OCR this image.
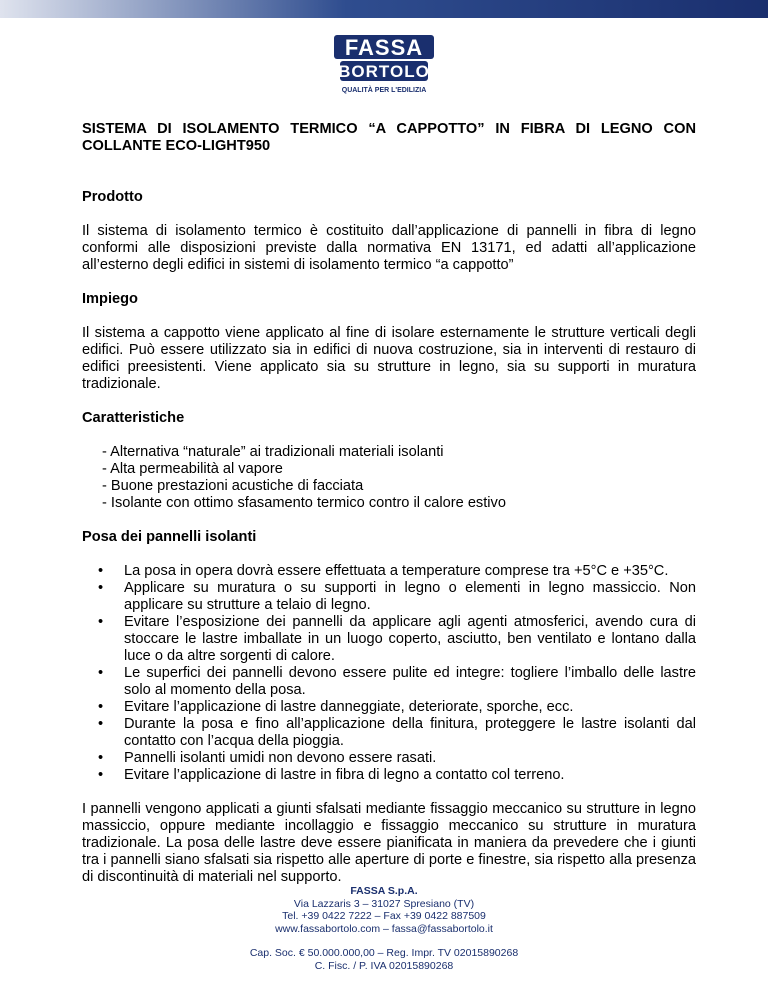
FASSA
BORTOLO
QUALITÀ PER L'EDILIZIA
SISTEMA DI ISOLAMENTO TERMICO “A CAPPOTTO” IN FIBRA DI LEGNO CON COLLANTE ECO-LIGHT950
Prodotto

Il sistema di isolamento termico è costituito dall’applicazione di pannelli in fibra di legno conformi alle disposizioni previste dalla normativa EN 13171, ed adatti all’applicazione all’esterno degli edifici in sistemi di isolamento termico “a cappotto”

Impiego

Il sistema a cappotto viene applicato al fine di isolare esternamente le strutture verticali degli edifici. Può essere utilizzato sia in edifici di nuova costruzione, sia in interventi di restauro di edifici preesistenti. Viene applicato sia su strutture in legno, sia su supporti in muratura tradizionale.

Caratteristiche
- Alternativa “naturale” ai tradizionali materiali isolanti
- Alta permeabilità al vapore
- Buone prestazioni acustiche di facciata
- Isolante con ottimo sfasamento termico contro il calore estivo
Posa dei pannelli isolanti
• La posa in opera dovrà essere effettuata a temperature comprese tra +5°C e +35°C.
• Applicare su muratura o su supporti in legno o elementi in legno massiccio. Non applicare su strutture a telaio di legno.
• Evitare l’esposizione dei pannelli da applicare agli agenti atmosferici, avendo cura di stoccare le lastre imballate in un luogo coperto, asciutto, ben ventilato e lontano dalla luce o da altre sorgenti di calore.
• Le superfici dei pannelli devono essere pulite ed integre: togliere l’imballo delle lastre solo al momento della posa.
• Evitare l’applicazione di lastre danneggiate, deteriorate, sporche, ecc.
• Durante la posa e fino all’applicazione della finitura, proteggere le lastre isolanti dal contatto con l’acqua della pioggia.
• Pannelli isolanti umidi non devono essere rasati.
• Evitare l’applicazione di lastre in fibra di legno a contatto col terreno.

I pannelli vengono applicati a giunti sfalsati mediante fissaggio meccanico su strutture in legno massiccio, oppure mediante incollaggio e fissaggio meccanico su strutture in muratura tradizionale. La posa delle lastre deve essere pianificata in maniera da prevedere che i giunti tra i pannelli siano sfalsati sia rispetto alle aperture di porte e finestre, sia rispetto alla presenza di discontinuità di materiali nel supporto.

FASSA S.p.A.
Via Lazzaris 3 – 31027 Spresiano (TV)
Tel. +39 0422 7222 – Fax +39 0422 887509
www.fassabortolo.com – fassa@fassabortolo.it
Cap. Soc. € 50.000.000,00 – Reg. Impr. TV 02015890268
C. Fisc. / P. IVA 02015890268
